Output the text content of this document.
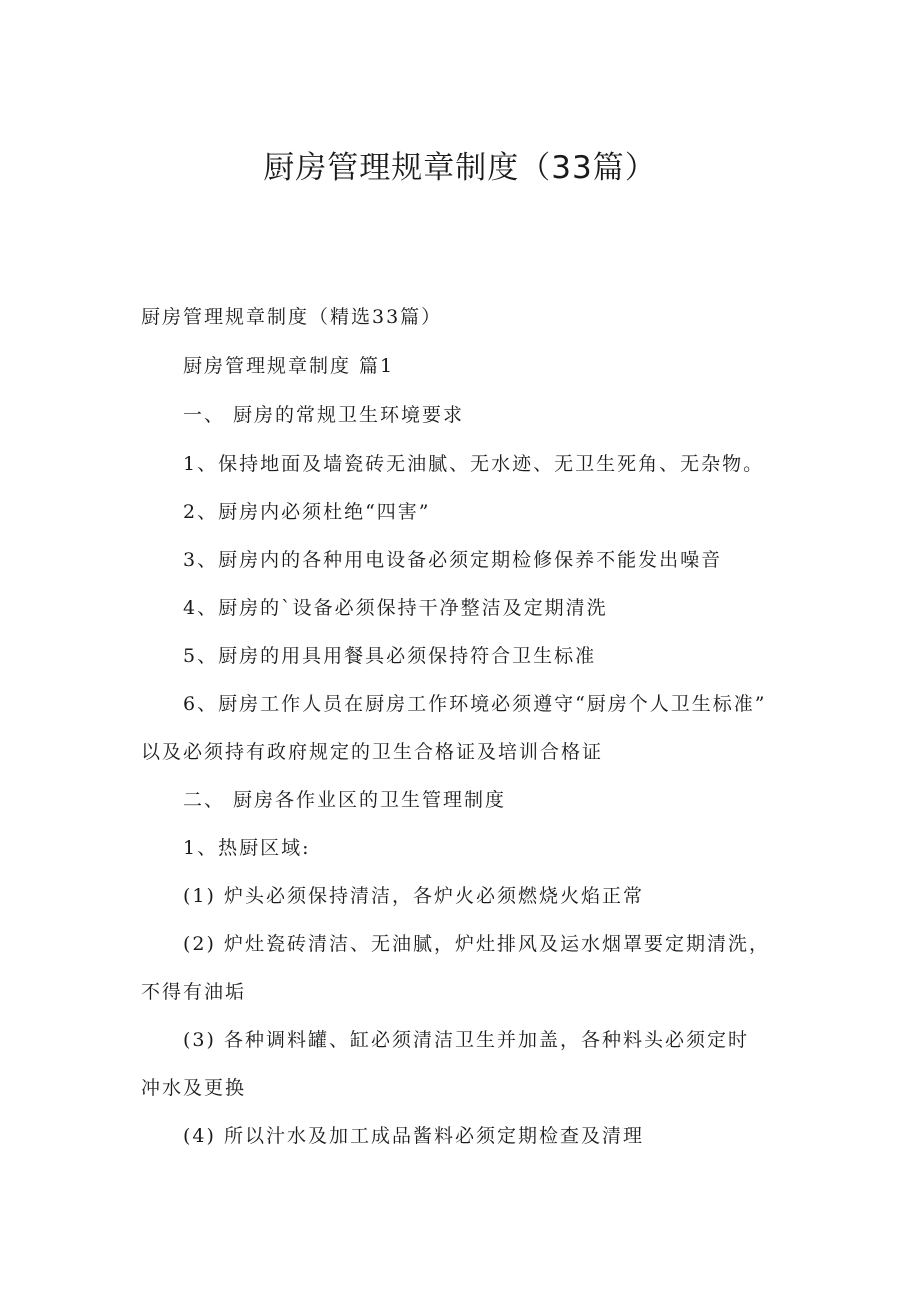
厨房管理规章制度（33篇）

厨房管理规章制度（精选33篇）

厨房管理规章制度 篇1

一、 厨房的常规卫生环境要求

1、保持地面及墙瓷砖无油腻、无水迹、无卫生死角、无杂物。

2、厨房内必须杜绝“四害”

3、厨房内的各种用电设备必须定期检修保养不能发出噪音

4、厨房的`设备必须保持干净整洁及定期清洗

5、厨房的用具用餐具必须保持符合卫生标准

6、厨房工作人员在厨房工作环境必须遵守“厨房个人卫生标准”

以及必须持有政府规定的卫生合格证及培训合格证

二、 厨房各作业区的卫生管理制度

1、热厨区域:

(1) 炉头必须保持清洁，各炉火必须燃烧火焰正常

(2) 炉灶瓷砖清洁、无油腻，炉灶排风及运水烟罩要定期清洗，

不得有油垢

(3) 各种调料罐、缸必须清洁卫生并加盖，各种料头必须定时

冲水及更换

(4) 所以汁水及加工成品酱料必须定期检查及清理
